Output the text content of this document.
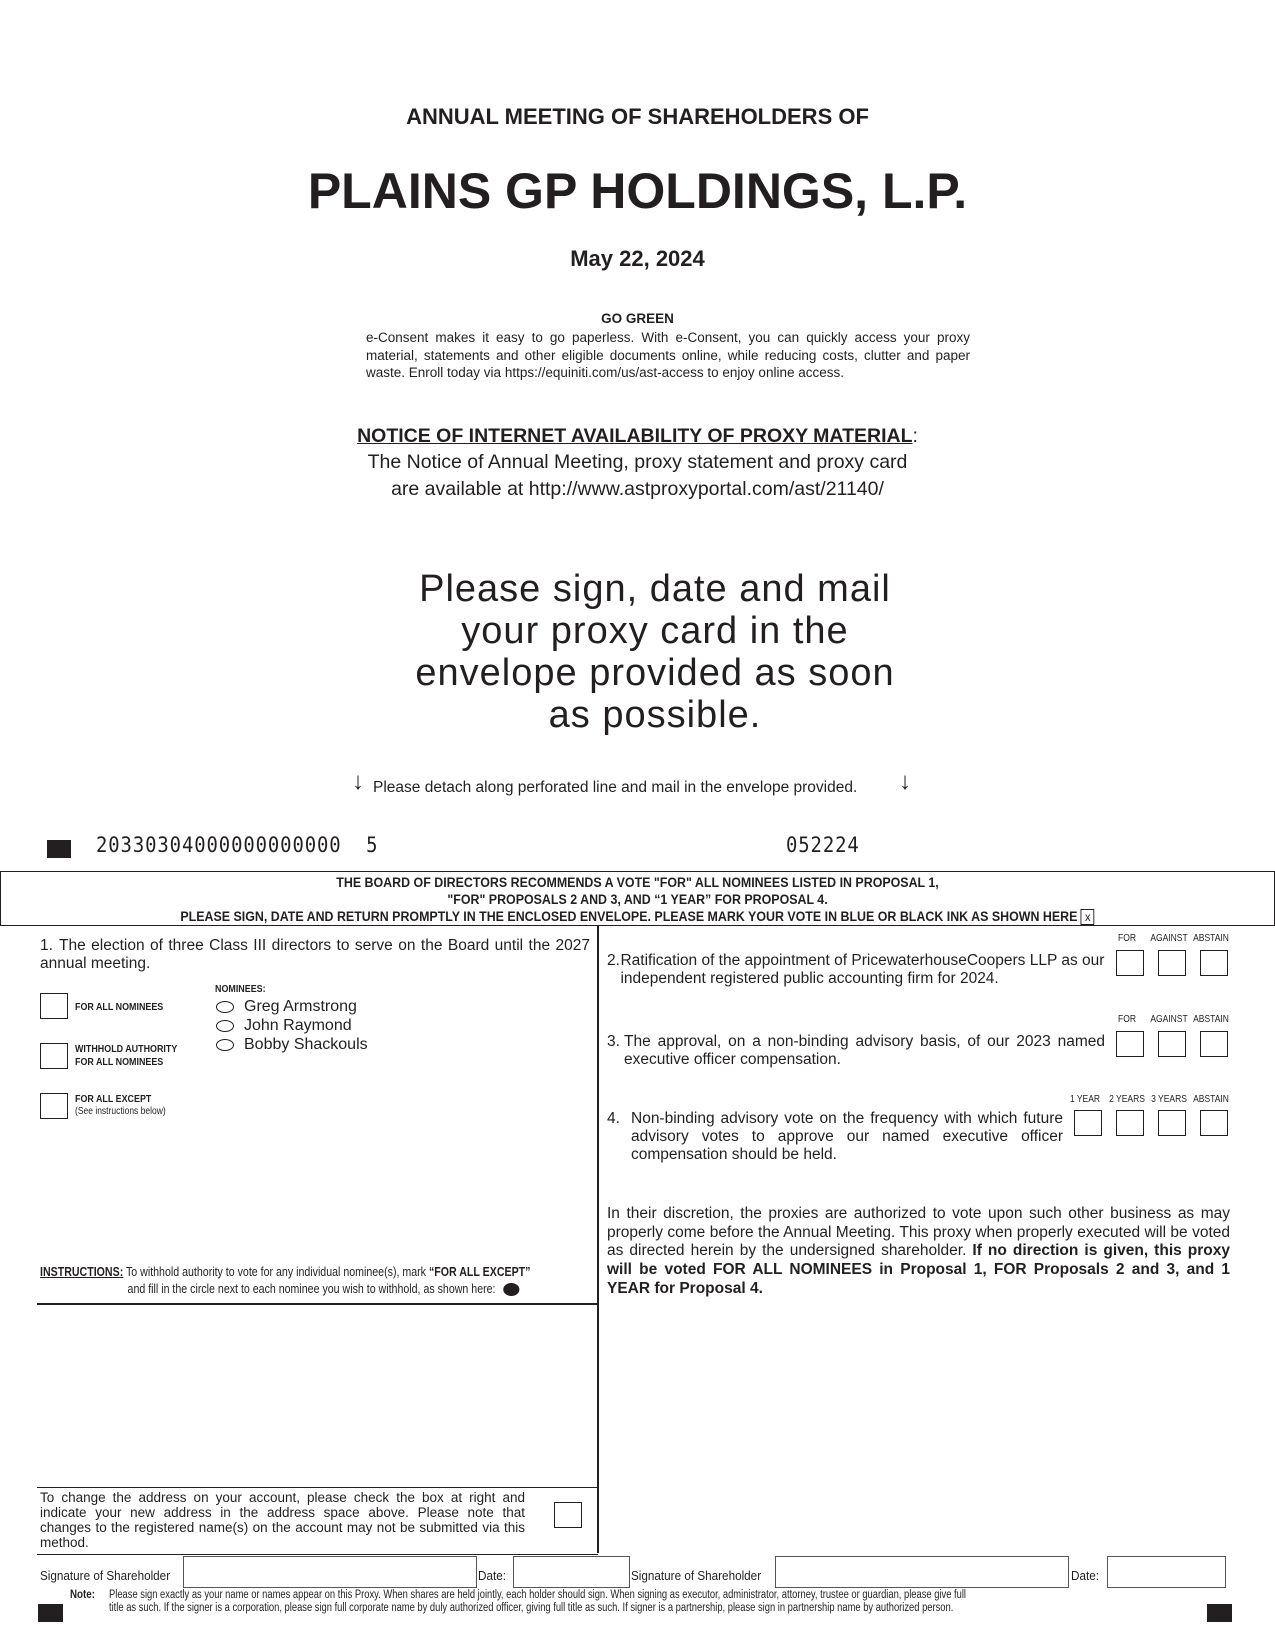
ANNUAL MEETING OF SHAREHOLDERS OF
PLAINS GP HOLDINGS, L.P.
May 22, 2024
GO GREEN
e-Consent makes it easy to go paperless. With e-Consent, you can quickly access your proxy material, statements and other eligible documents online, while reducing costs, clutter and paper waste. Enroll today via https://equiniti.com/us/ast-access to enjoy online access.
NOTICE OF INTERNET AVAILABILITY OF PROXY MATERIAL:
The Notice of Annual Meeting, proxy statement and proxy card
are available at http://www.astproxyportal.com/ast/21140/
Please sign, date and mail
your proxy card in the
envelope provided as soon
as possible.
↓ Please detach along perforated line and mail in the envelope provided. ↓
20330304000000000000  5	052224
THE BOARD OF DIRECTORS RECOMMENDS A VOTE "FOR" ALL NOMINEES LISTED IN PROPOSAL 1,
"FOR" PROPOSALS 2 AND 3, AND “1 YEAR” FOR PROPOSAL 4.
PLEASE SIGN, DATE AND RETURN PROMPTLY IN THE ENCLOSED ENVELOPE. PLEASE MARK YOUR VOTE IN BLUE OR BLACK INK AS SHOWN HERE x
1. The election of three Class III directors to serve on the Board until the 2027 annual meeting.
FOR ALL NOMINEES
WITHHOLD AUTHORITY
FOR ALL NOMINEES
FOR ALL EXCEPT
(See instructions below)
NOMINEES:
Greg Armstrong
John Raymond
Bobby Shackouls
INSTRUCTIONS: To withhold authority to vote for any individual nominee(s), mark “FOR ALL EXCEPT”
and fill in the circle next to each nominee you wish to withhold, as shown here:
To change the address on your account, please check the box at right and indicate your new address in the address space above. Please note that changes to the registered name(s) on the account may not be submitted via this method.
FOR	AGAINST ABSTAIN
2. Ratification of the appointment of PricewaterhouseCoopers LLP as our independent registered public accounting firm for 2024.
FOR	AGAINST ABSTAIN
3. The approval, on a non-binding advisory basis, of our 2023 named executive officer compensation.
1 YEAR 2 YEARS 3 YEARS ABSTAIN
4. Non-binding advisory vote on the frequency with which future advisory votes to approve our named executive officer compensation should be held.
In their discretion, the proxies are authorized to vote upon such other business as may properly come before the Annual Meeting. This proxy when properly executed will be voted as directed herein by the undersigned shareholder. If no direction is given, this proxy will be voted FOR ALL NOMINEES in Proposal 1, FOR Proposals 2 and 3, and 1 YEAR for Proposal 4.
Signature of Shareholder	Date:	Signature of Shareholder	Date:
Note: Please sign exactly as your name or names appear on this Proxy. When shares are held jointly, each holder should sign. When signing as executor, administrator, attorney, trustee or guardian, please give full
title as such. If the signer is a corporation, please sign full corporate name by duly authorized officer, giving full title as such. If signer is a partnership, please sign in partnership name by authorized person.
